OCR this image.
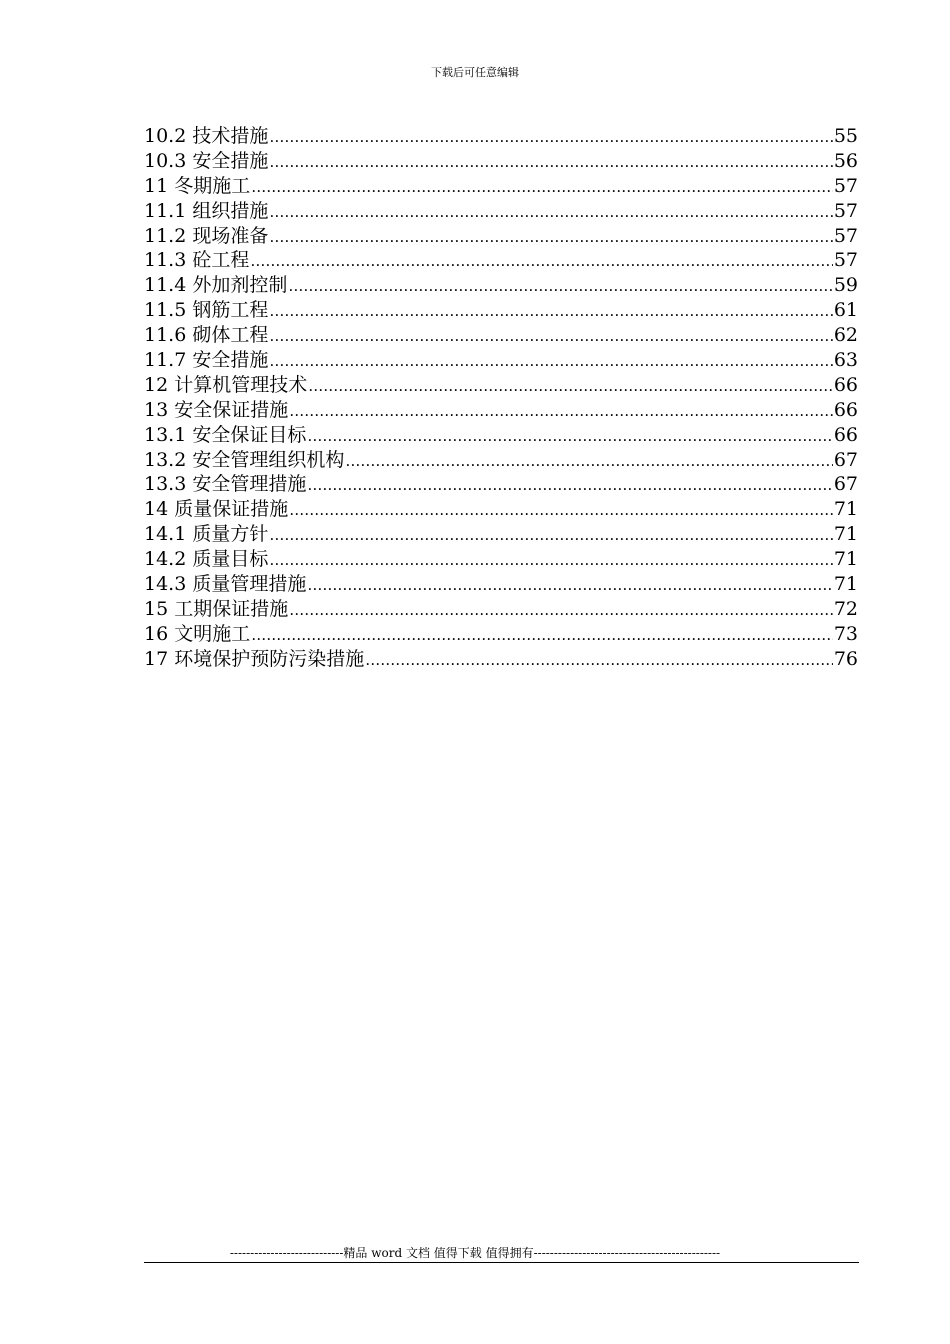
下载后可任意编辑
10.2 技术措施 ………………………………………………………………………………………………………………………………………………………………	55
10.3 安全措施 ………………………………………………………………………………………………………………………………………………………………	56
11 冬期施工 ………………………………………………………………………………………………………………………………………………………………	57
11.1 组织措施 ………………………………………………………………………………………………………………………………………………………………	57
11.2 现场准备 ………………………………………………………………………………………………………………………………………………………………	57
11.3 砼工程 ………………………………………………………………………………………………………………………………………………………………	57
11.4 外加剂控制 ………………………………………………………………………………………………………………………………………………………………	59
11.5 钢筋工程 ………………………………………………………………………………………………………………………………………………………………	61
11.6 砌体工程 ………………………………………………………………………………………………………………………………………………………………	62
11.7 安全措施 ………………………………………………………………………………………………………………………………………………………………	63
12 计算机管理技术 ………………………………………………………………………………………………………………………………………………………………	66
13 安全保证措施 ………………………………………………………………………………………………………………………………………………………………	66
13.1 安全保证目标 ………………………………………………………………………………………………………………………………………………………………	66
13.2 安全管理组织机构 ………………………………………………………………………………………………………………………………………………………………	67
13.3 安全管理措施 ………………………………………………………………………………………………………………………………………………………………	67
14 质量保证措施 ………………………………………………………………………………………………………………………………………………………………	71
14.1 质量方针 ………………………………………………………………………………………………………………………………………………………………	71
14.2 质量目标 ………………………………………………………………………………………………………………………………………………………………	71
14.3 质量管理措施 ………………………………………………………………………………………………………………………………………………………………	71
15 工期保证措施 ………………………………………………………………………………………………………………………………………………………………	72
16 文明施工 ………………………………………………………………………………………………………………………………………………………………	73
17 环境保护预防污染措施 ………………………………………………………………………………………………………………………………………………………………	76
----------------------------精品 word 文档 值得下载 值得拥有----------------------------------------------
